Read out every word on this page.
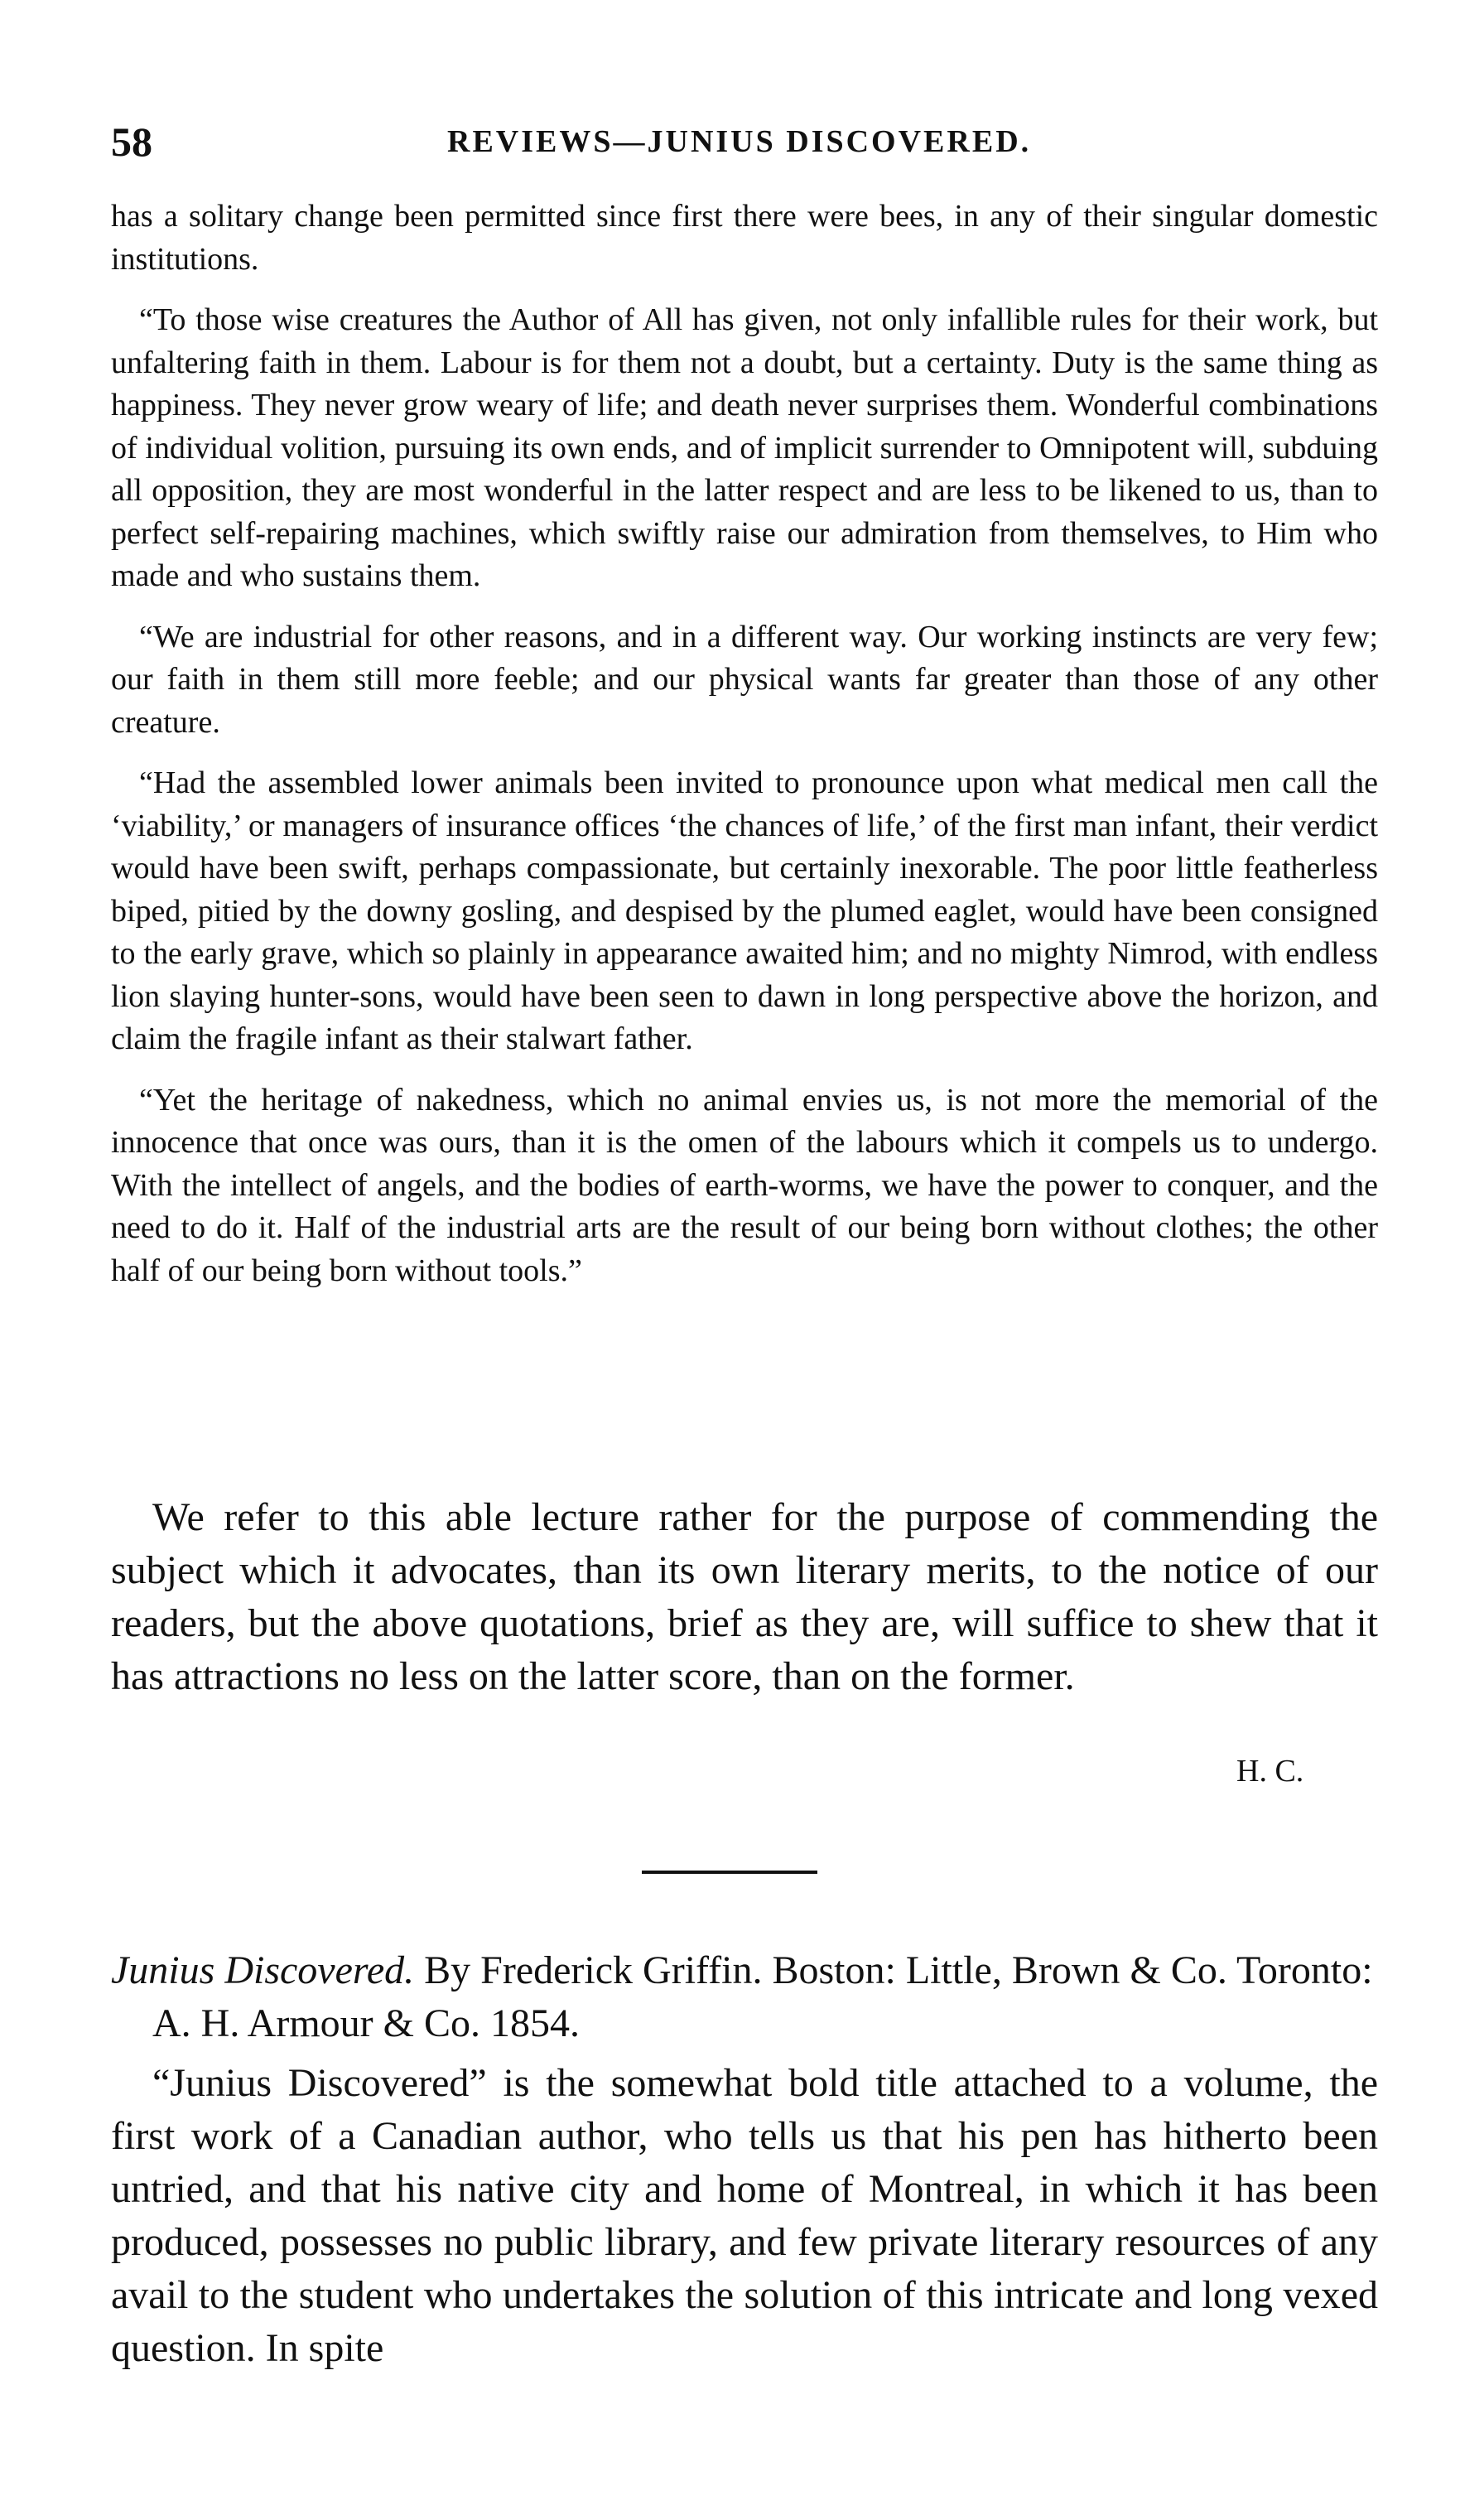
58	REVIEWS—JUNIUS DISCOVERED.

has a solitary change been permitted since first there were bees, in any of their singular domestic institutions.

“To those wise creatures the Author of All has given, not only infallible rules for their work, but unfaltering faith in them. Labour is for them not a doubt, but a certainty. Duty is the same thing as happiness. They never grow weary of life; and death never surprises them. Wonderful combinations of individual volition, pursuing its own ends, and of implicit surrender to Omnipotent will, subduing all opposition, they are most wonderful in the latter respect and are less to be likened to us, than to perfect self-repairing machines, which swiftly raise our admiration from themselves, to Him who made and who sustains them.

“We are industrial for other reasons, and in a different way. Our working instincts are very few; our faith in them still more feeble; and our physical wants far greater than those of any other creature.

“Had the assembled lower animals been invited to pronounce upon what medical men call the ‘viability,’ or managers of insurance offices ‘the chances of life,’ of the first man infant, their verdict would have been swift, perhaps compassionate, but certainly inexorable. The poor little featherless biped, pitied by the downy gosling, and despised by the plumed eaglet, would have been consigned to the early grave, which so plainly in appearance awaited him; and no mighty Nimrod, with endless lion slaying hunter-sons, would have been seen to dawn in long perspective above the horizon, and claim the fragile infant as their stalwart father.

“Yet the heritage of nakedness, which no animal envies us, is not more the memorial of the innocence that once was ours, than it is the omen of the labours which it compels us to undergo. With the intellect of angels, and the bodies of earth-worms, we have the power to conquer, and the need to do it. Half of the industrial arts are the result of our being born without clothes; the other half of our being born without tools.”

We refer to this able lecture rather for the purpose of commending the subject which it advocates, than its own literary merits, to the notice of our readers, but the above quotations, brief as they are, will suffice to shew that it has attractions no less on the latter score, than on the former.

H. C.

Junius Discovered. By Frederick Griffin. Boston: Little, Brown & Co. Toronto: A. H. Armour & Co. 1854.

“Junius Discovered” is the somewhat bold title attached to a volume, the first work of a Canadian author, who tells us that his pen has hitherto been untried, and that his native city and home of Montreal, in which it has been produced, possesses no public library, and few private literary resources of any avail to the student who undertakes the solution of this intricate and long vexed question. In spite
